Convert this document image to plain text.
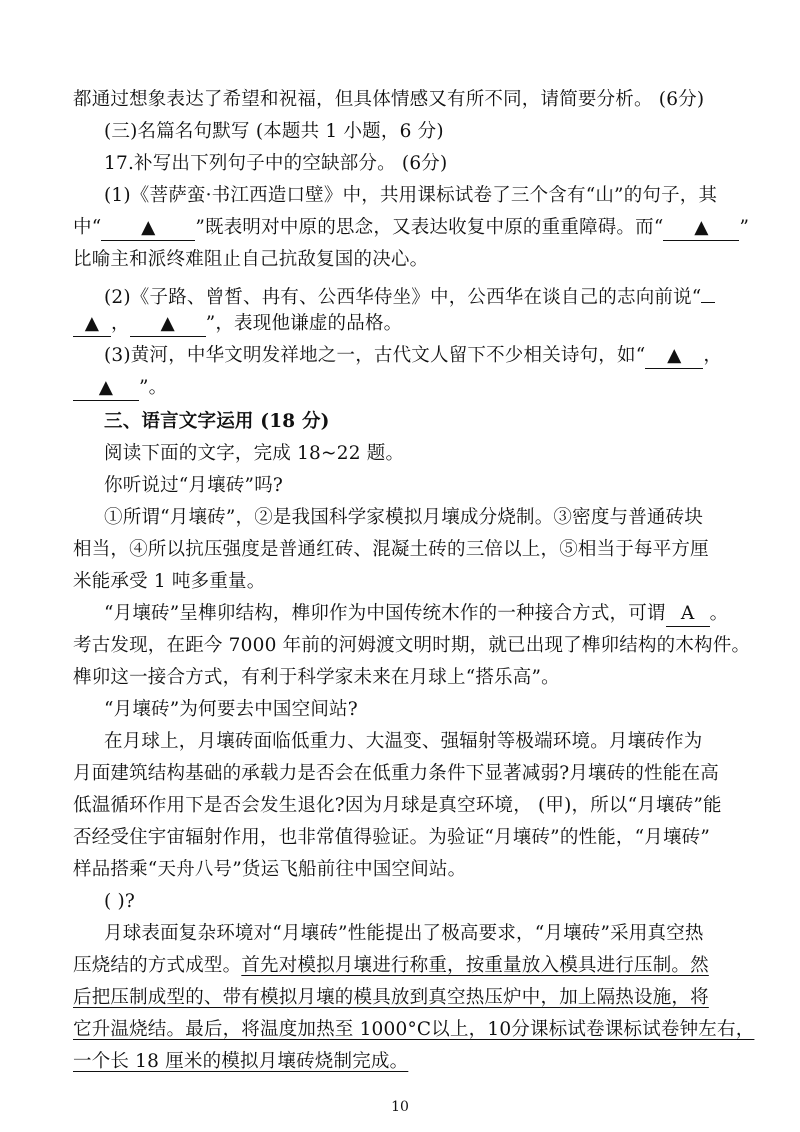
都通过想象表达了希望和祝福，但具体情感又有所不同，请简要分析。 (6分)
(三)名篇名句默写 (本题共 1 小题，6 分)
17.补写出下列句子中的空缺部分。 (6分)
(1)《菩萨蛮·书江西造口壁》中，共用课标试卷了三个含有“山”的句子，其
中“ ▲ ”既表明对中原的思念，又表达收复中原的重重障碍。而“ ▲ ”
比喻主和派终难阻止自己抗敌复国的决心。
(2)《子路、曾皙、冉有、公西华侍坐》中，公西华在谈自己的志向前说“
▲ ， ▲ ”，表现他谦虚的品格。
(3)黄河，中华文明发祥地之一，古代文人留下不少相关诗句，如“ ▲ ，
▲ ”。
三、语言文字运用 (18 分)
阅读下面的文字，完成 18~22 题。
你听说过“月壤砖”吗?
①所谓“月壤砖”，②是我国科学家模拟月壤成分烧制。③密度与普通砖块
相当，④所以抗压强度是普通红砖、混凝土砖的三倍以上，⑤相当于每平方厘
米能承受 1 吨多重量。
“月壤砖”呈榫卯结构，榫卯作为中国传统木作的一种接合方式，可谓 A 。
考古发现，在距今 7000 年前的河姆渡文明时期，就已出现了榫卯结构的木构件。
榫卯这一接合方式，有利于科学家未来在月球上“搭乐高”。
“月壤砖”为何要去中国空间站?
在月球上，月壤砖面临低重力、大温变、强辐射等极端环境。月壤砖作为
月面建筑结构基础的承载力是否会在低重力条件下显著减弱?月壤砖的性能在高
低温循环作用下是否会发生退化?因为月球是真空环境， (甲)，所以“月壤砖”能
否经受住宇宙辐射作用，也非常值得验证。为验证“月壤砖”的性能，“月壤砖”
样品搭乘“天舟八号”货运飞船前往中国空间站。
( )?
月球表面复杂环境对“月壤砖”性能提出了极高要求，“月壤砖”采用真空热
压烧结的方式成型。首先对模拟月壤进行称重，按重量放入模具进行压制。然
后把压制成型的、带有模拟月壤的模具放到真空热压炉中，加上隔热设施，将
它升温烧结。最后，将温度加热至 1000°C以上，10分课标试卷课标试卷钟左右，
一个长 18 厘米的模拟月壤砖烧制完成。
10
